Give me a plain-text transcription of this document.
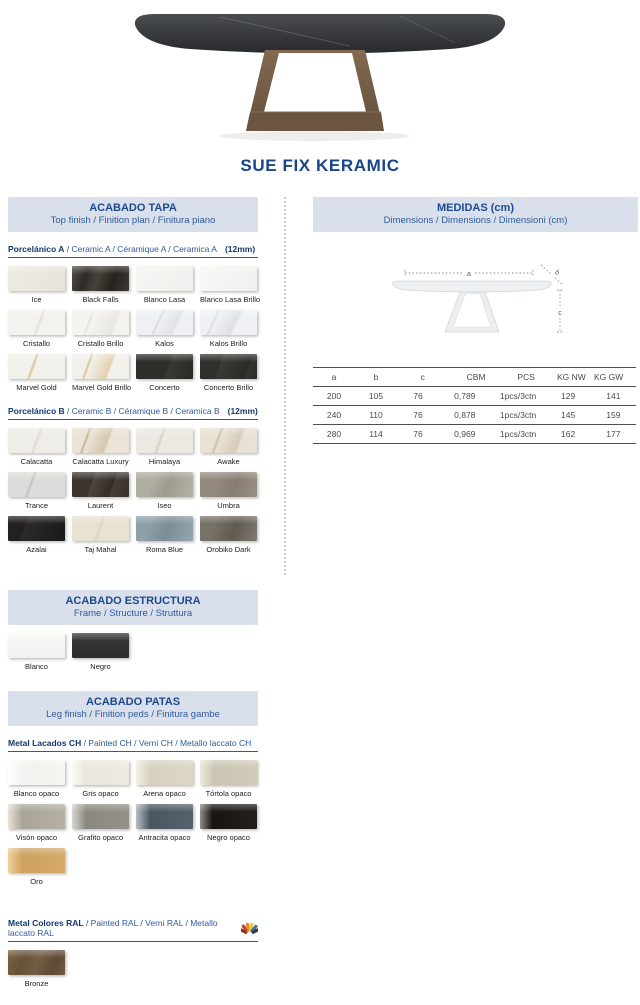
SUE FIX KERAMIC
ACABADO TAPA
Top finish / Finition plan / Finitura piano
Porcelánico A / Ceramic A / Céramique A / Ceramica A (12mm)
Ice	Black Falls	Blanco Lasa	Blanco Lasa Brillo
Cristallo	Cristallo Brillo	Kalos	Kalos Brillo
Marvel Gold	Marvel Gold Brillo	Concerto	Concerto Brillo
Porcelánico B / Ceramic B / Céramique B / Ceramica B (12mm)
Calacatta	Calacatta Luxury	Himalaya	Awake
Trance	Laurent	Iseo	Umbra
Azalai	Taj Mahal	Roma Blue	Orobiko Dark
ACABADO ESTRUCTURA
Frame / Structure / Struttura
Blanco	Negro
ACABADO PATAS
Leg finish / Finition peds / Finitura gambe
Metal Lacados CH / Painted CH / Verni CH / Metallo laccato CH
Blanco opaco	Gris opaco	Arena opaco	Tórtola opaco
Visón opaco	Grafito opaco	Antracita opaco	Negro opaco
Oro
Metal Colores RAL / Painted RAL / Verni RAL / Metallo laccato RAL
Bronze
MEDIDAS (cm)
Dimensions / Dimensions / Dimensioni (cm)
a	b
c
a	b	c	CBM	PCS	KG NW KG GW
200	105	76	0,789	1pcs/3ctn	129	141
240	110	76	0,878	1pcs/3ctn	145	159
280	114	76	0,969	1pcs/3ctn	162	177
